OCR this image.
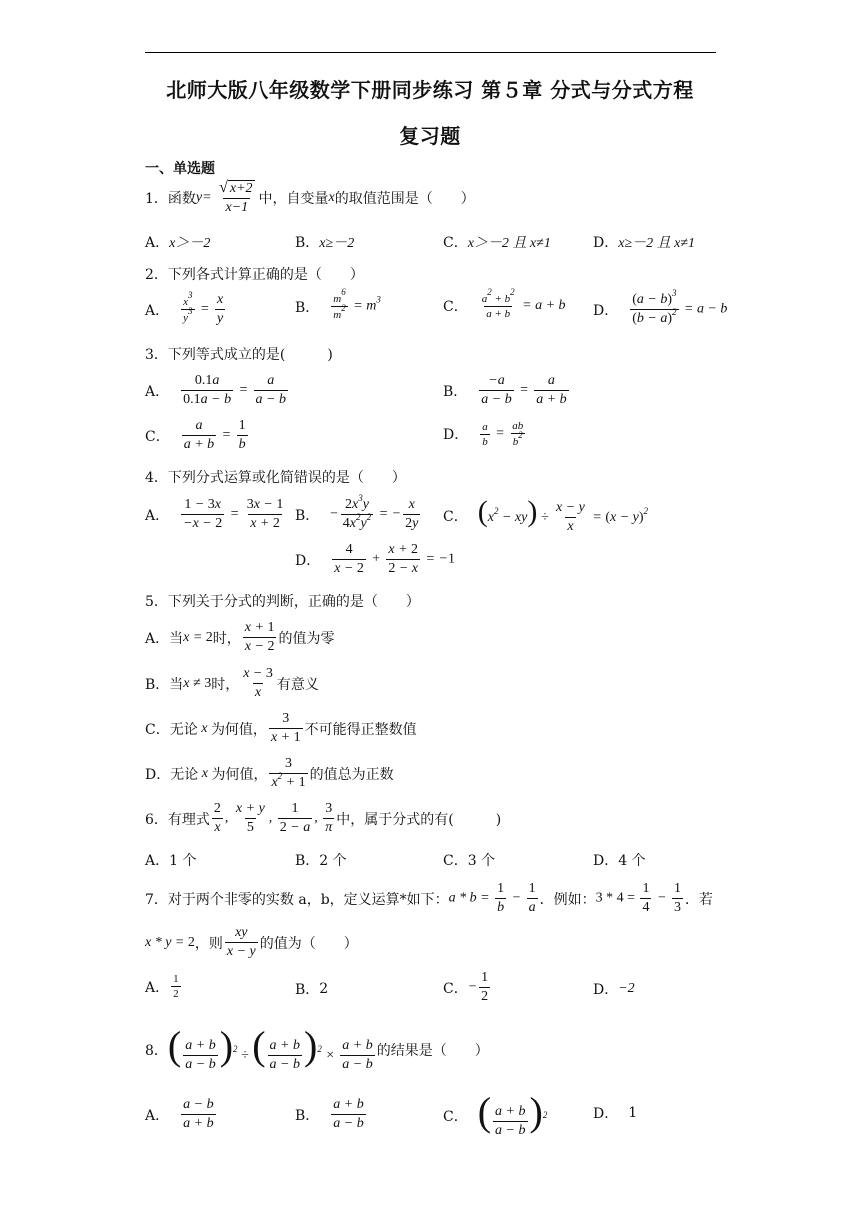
北师大版八年级数学下册同步练习 第５章 分式与分式方程
复习题
一、单选题
1．函数 $y= \frac{√ x+2}{x-1}$ 中，自变量 x 的取值范围是（　　）
A． x＞－2	B． x≥－2	C． x＞－2 且 x≠1	D． x≥－2 且 x≠1
2．下列各式计算正确的是（　　）
A． $\frac{x^3}{y^3} = \frac{x}{y}$	B． $\frac{m^6}{m^2} = m^3$	C． $\frac{a^2 + b^2}{a + b} = a + b$ D． $\frac{(a - b)^3}{(b - a)^2} = a - b$
3．下列等式成立的是(　　　)
A． $\frac{0.1a}{0.1a - b} = \frac{a}{a - b}$	B． $\frac{-a}{a - b} = \frac{a}{a + b}$
C． $\frac{a}{a + b} = \frac{1}{b}$	D． $\frac{a}{b} = \frac{ab}{b^2}$
4．下列分式运算或化简错误的是（　　）
A． $\frac{1 - 3x}{-x - 2} = \frac{3x - 1}{x + 2}$ B． − $\frac{2x^3y}{4x^2y^2}$ = − $\frac{x}{2y}$ C． $(x^2 - xy) \div \frac{x - y}{x} = (x - y)^2$
D． $\frac{4}{x - 2} + \frac{x + 2}{2 - x} = -1$
5．下列关于分式的判断，正确的是（　　）
A．当 x = 2 时， $\frac{x + 1}{x - 2}$ 的值为零
B．当 x ≠ 3 时， $\frac{x - 3}{x}$ 有意义
C．无论 x 为何值， $\frac{3}{x + 1}$ 不可能得正整数值
D．无论 x 为何值， $\frac{3}{x^2 + 1}$ 的值总为正数
6．有理式 $\frac{2}{x}$ , $\frac{x + y}{5}$ , $\frac{1}{2 - a}$ , $\frac{3}{\pi}$ 中，属于分式的有(　　　)
A．1 个	B．2 个	C．3 个	D．4 个
7．对于两个非零的实数 a，b，定义运算*如下： $a * b = \frac{1}{b} - \frac{1}{a}$ ．例如： $3 * 4 = \frac{1}{4} - \frac{1}{3}$ ．若
x * y = 2 ，则 $\frac{xy}{x - y}$ 的值为（　　）
A． $\frac{1}{2}$	B． 2	C． − $\frac{1}{2}$	D． −2
8． ( $\frac{a + b}{a - b} )^2$ ÷ ( $\frac{a + b}{a - b} )^2 \times \frac{a + b}{a - b}$ 的结果是（　　）
A． $\frac{a - b}{a + b}$	B． $\frac{a + b}{a - b}$	C． ( $\frac{a + b}{a - b} )^2$	D． 1
